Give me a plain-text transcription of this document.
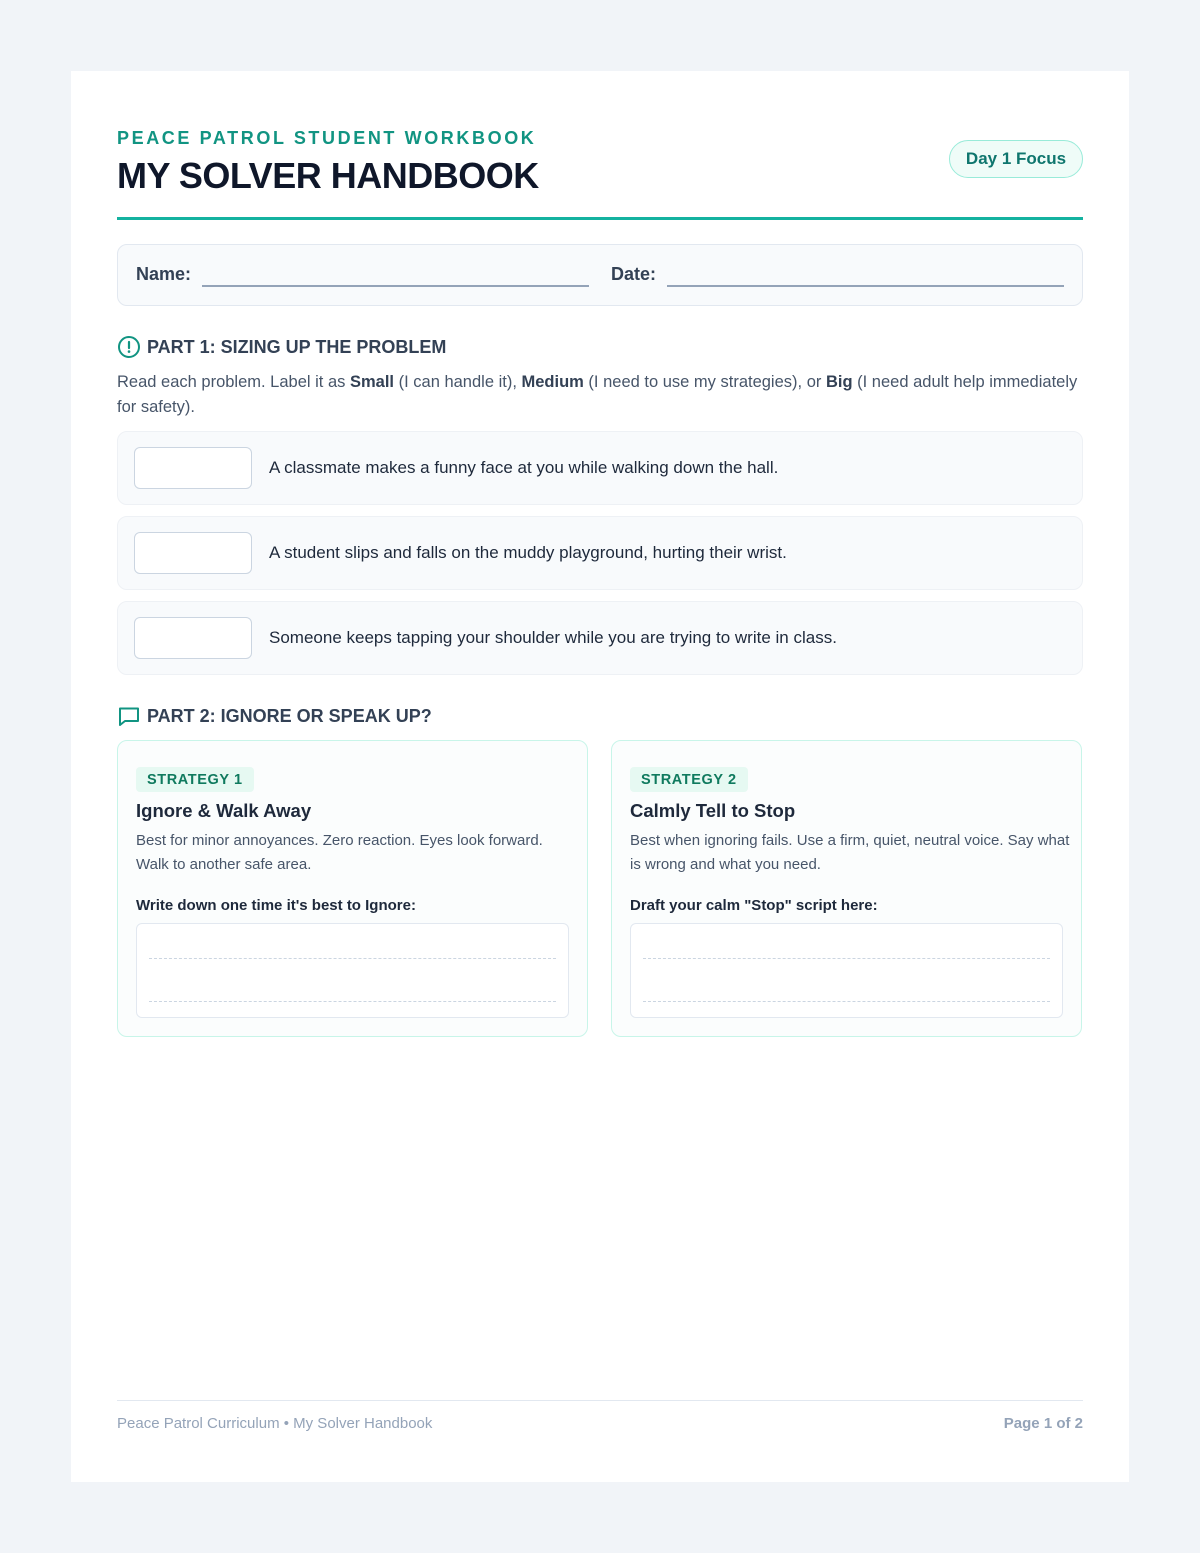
PEACE PATROL STUDENT WORKBOOK
MY SOLVER HANDBOOK	Day 1 Focus
Name:	Date:
PART 1: SIZING UP THE PROBLEM

Read each problem. Label it as Small (I can handle it), Medium (I need to use my strategies), or Big (I need adult help immediately for safety).

A classmate makes a funny face at you while walking down the hall.
A student slips and falls on the muddy playground, hurting their wrist.
Someone keeps tapping your shoulder while you are trying to write in class.
PART 2: IGNORE OR SPEAK UP?
STRATEGY 1
Ignore & Walk Away
Best for minor annoyances. Zero reaction. Eyes look forward. Walk to another safe area.
Write down one time it's best to Ignore:
STRATEGY 2
Calmly Tell to Stop
Best when ignoring fails. Use a firm, quiet, neutral voice. Say what is wrong and what you need.
Draft your calm "Stop" script here:
Peace Patrol Curriculum • My Solver Handbook	Page 1 of 2
